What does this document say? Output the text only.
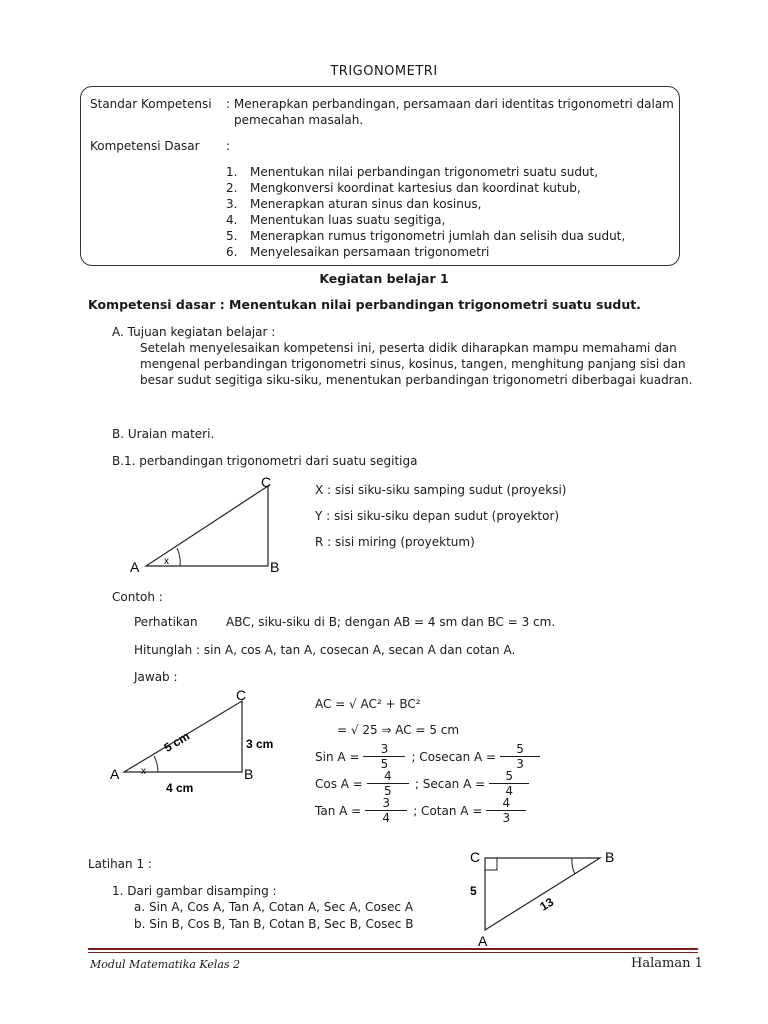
TRIGONOMETRI
Standar Kompetensi : Menerapkan perbandingan, persamaan dari identitas trigonometri dalam
pemecahan masalah.
Kompetensi Dasar :
1.	Menentukan nilai perbandingan trigonometri suatu sudut,
2.	Mengkonversi koordinat kartesius dan koordinat kutub,
3.	Menerapkan aturan sinus dan kosinus,
4.	Menentukan luas suatu segitiga,
5.	Menerapkan rumus trigonometri jumlah dan selisih dua sudut,
6.	Menyelesaikan persamaan trigonometri
Kegiatan belajar 1
Kompetensi dasar : Menentukan nilai perbandingan trigonometri suatu sudut.
A. Tujuan kegiatan belajar :
Setelah menyelesaikan kompetensi ini, peserta didik diharapkan mampu memahami dan
mengenal perbandingan trigonometri sinus, kosinus, tangen, menghitung panjang sisi dan
besar sudut segitiga siku-siku, menentukan perbandingan trigonometri diberbagai kuadran.
B. Uraian materi.
B.1. perbandingan trigonometri dari suatu segitiga
x
A	B
C	X : sisi siku-siku samping sudut (proyeksi)
Y : sisi siku-siku depan sudut (proyektor)
R : sisi miring (proyektum)
Contoh :
Perhatikan ABC, siku-siku di B; dengan AB = 4 sm dan BC = 3 cm.
Hitunglah : sin A, cos A, tan A, cosecan A, secan A dan cotan A.
Jawab :
x
A	B
C
5 cm	3 cm
4 cm
AC = √ AC² + BC²
= √ 25 ⇒ AC = 5 cm
Sin $A = \frac{3}{5}$ ; Cosecan $A = \frac{5}{3}$
Cos $A = \frac{4}{5}$ ; Secan $A = \frac{5}{4}$
Tan $A = \frac{3}{4}$ ; Cotan $A = \frac{4}{3}$
Latihan 1 :
1. Dari gambar disamping :
a. Sin A, Cos A, Tan A, Cotan A, Sec A, Cosec A
b. Sin B, Cos B, Tan B, Cotan B, Sec B, Cosec B
C	B
A
5
13
Modul Matematika Kelas 2	Halaman 1
